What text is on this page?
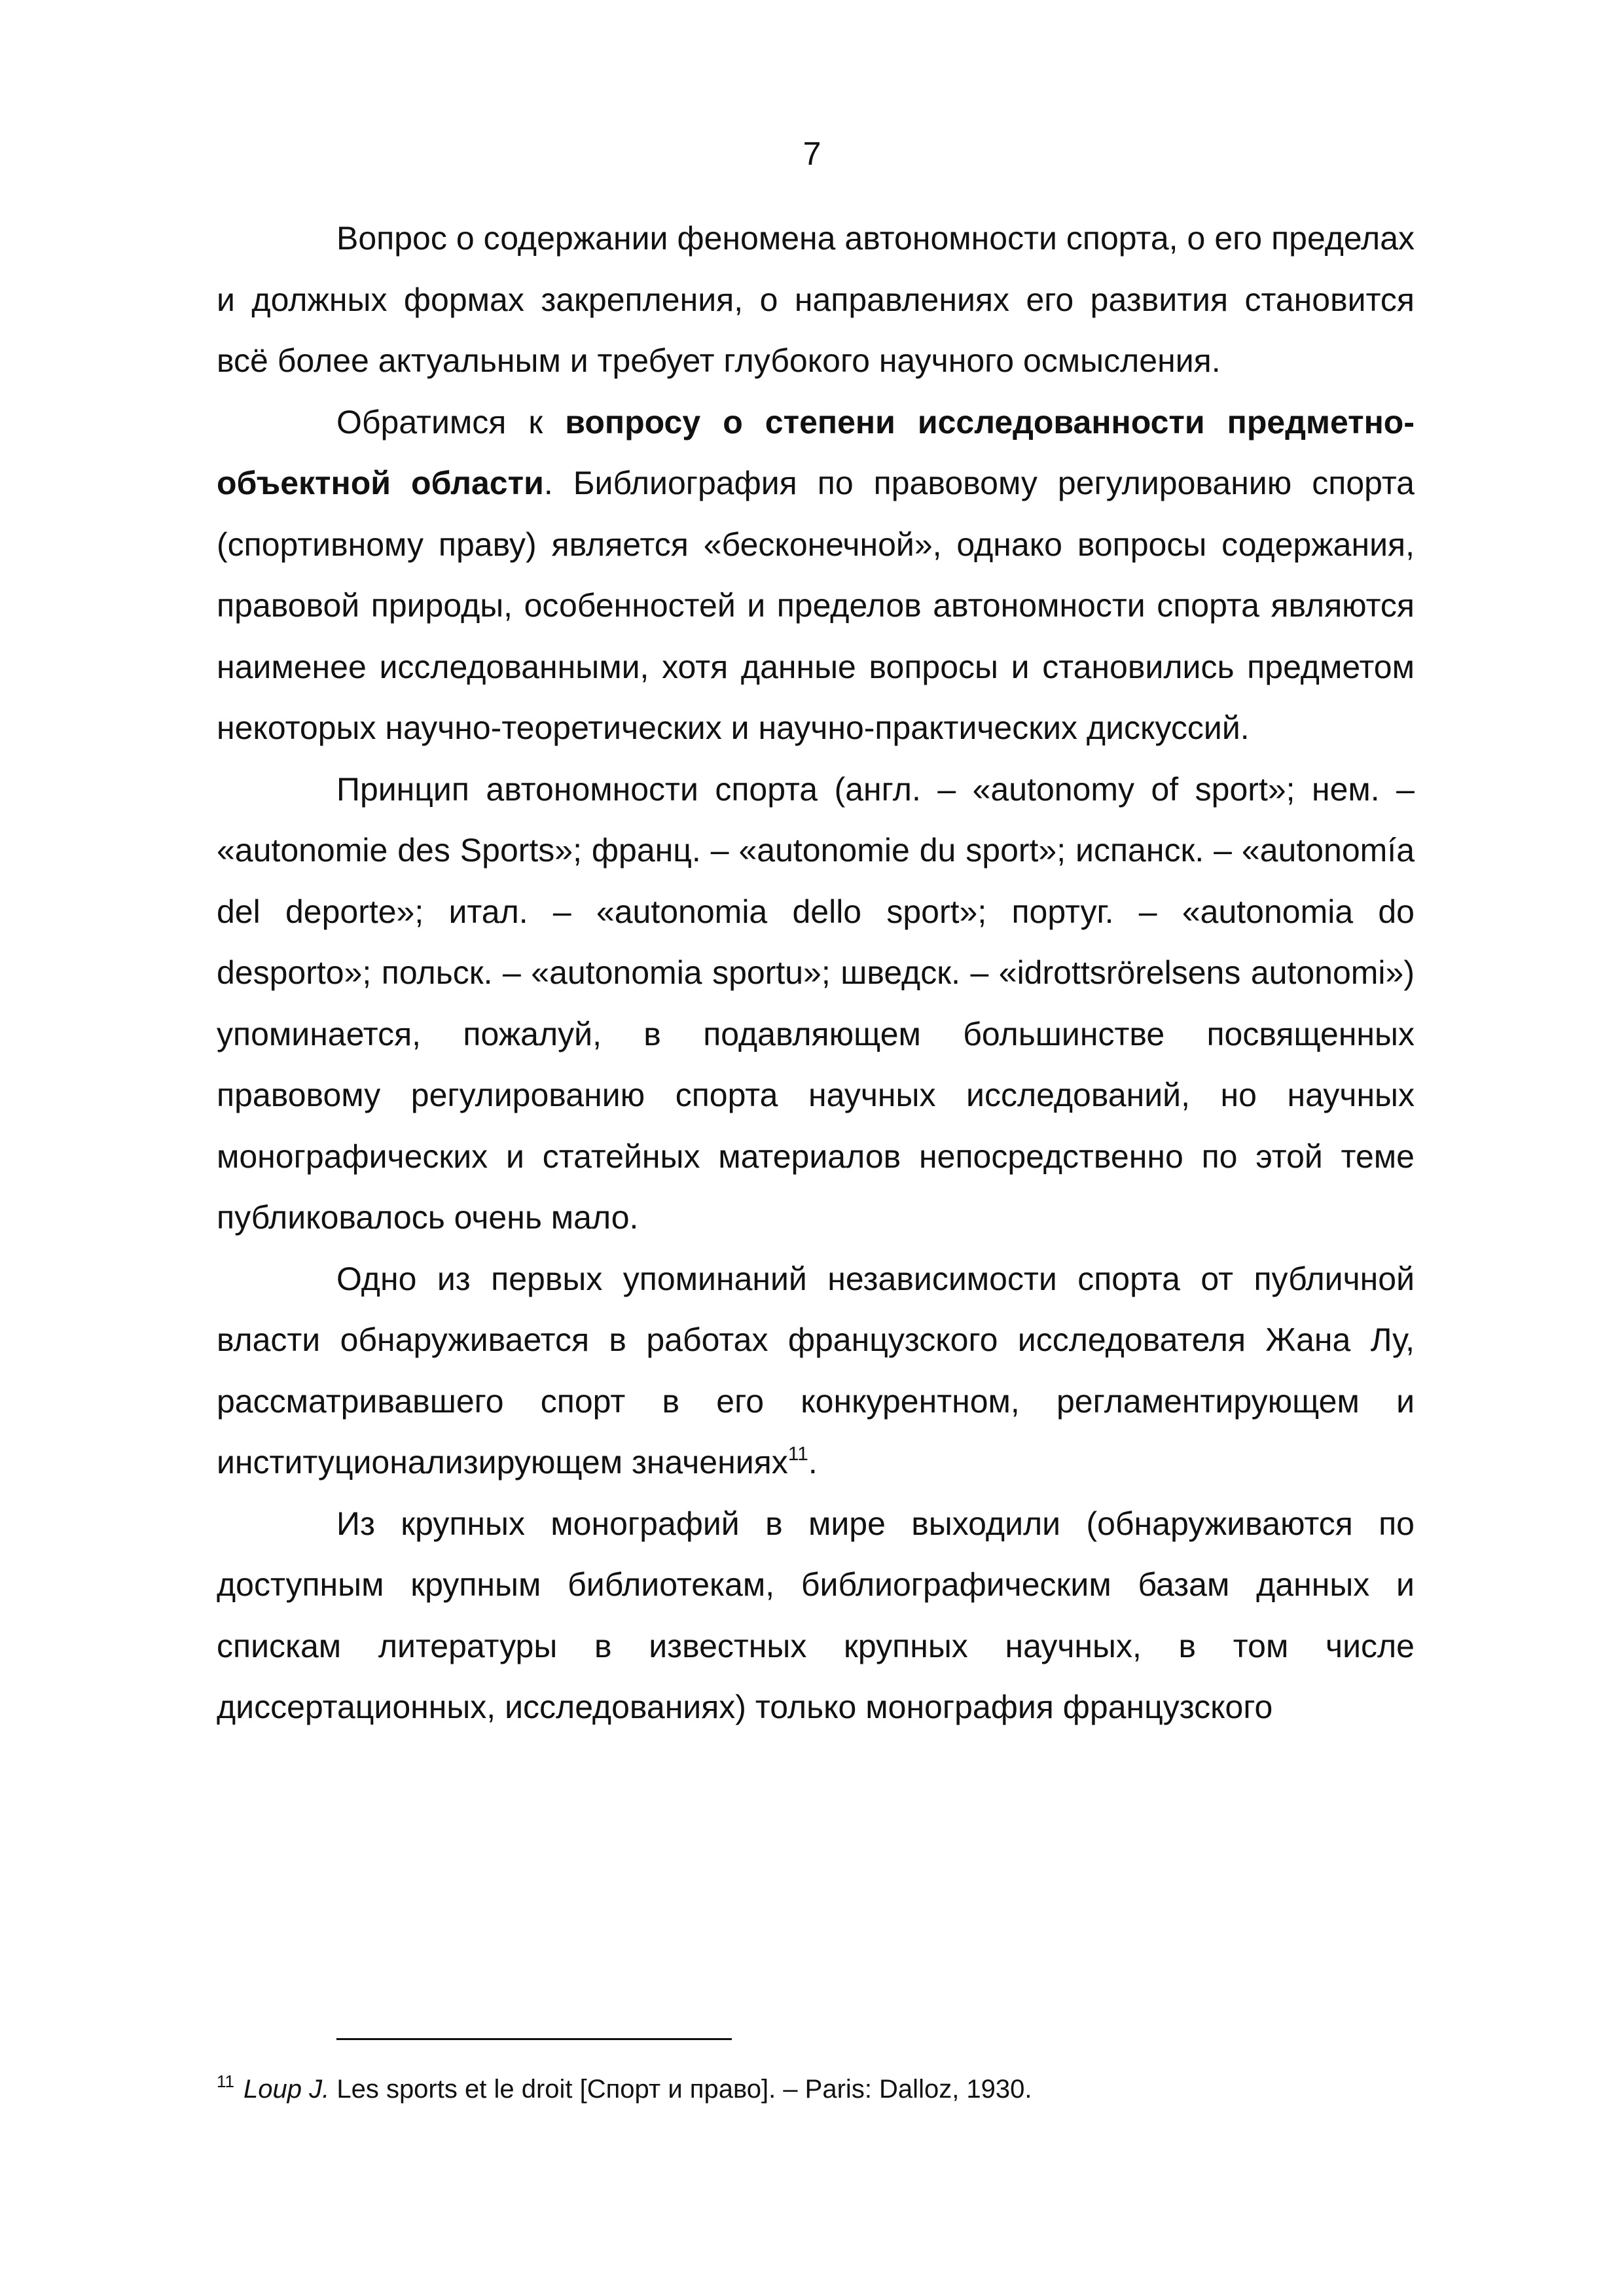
7

Вопрос о содержании феномена автономности спорта, о его пределах и должных формах закрепления, о направлениях его развития становится всё более актуальным и требует глубокого научного осмысления.

Обратимся к вопросу о степени исследованности предметно-объектной области. Библиография по правовому регулированию спорта (спортивному праву) является «бесконечной», однако вопросы содержания, правовой природы, особенностей и пределов автономности спорта являются наименее исследованными, хотя данные вопросы и становились предметом некоторых научно-теоретических и научно-практических дискуссий.

Принцип автономности спорта (англ. – «autonomy of sport»; нем. – «autonomie des Sports»; франц. – «autonomie du sport»; испанск. – «autonomía del deporte»; итал. – «autonomia dello sport»; португ. – «autonomia do desporto»; польск. – «autonomia sportu»; шведск. – «idrottsrörelsens autonomi») упоминается, пожалуй, в подавляющем большинстве посвященных правовому регулированию спорта научных исследований, но научных монографических и статейных материалов непосредственно по этой теме публиковалось очень мало.

Одно из первых упоминаний независимости спорта от публичной власти обнаруживается в работах французского исследователя Жана Лу, рассматривавшего спорт в его конкурентном, регламентирующем и институционализирующем значениях$^{11}$.

Из крупных монографий в мире выходили (обнаруживаются по доступным крупным библиотекам, библиографическим базам данных и спискам литературы в известных крупных научных, в том числе диссертационных, исследованиях) только монография французского

$^{11}$ Loup J. Les sports et le droit [Спорт и право]. – Paris: Dalloz, 1930.
